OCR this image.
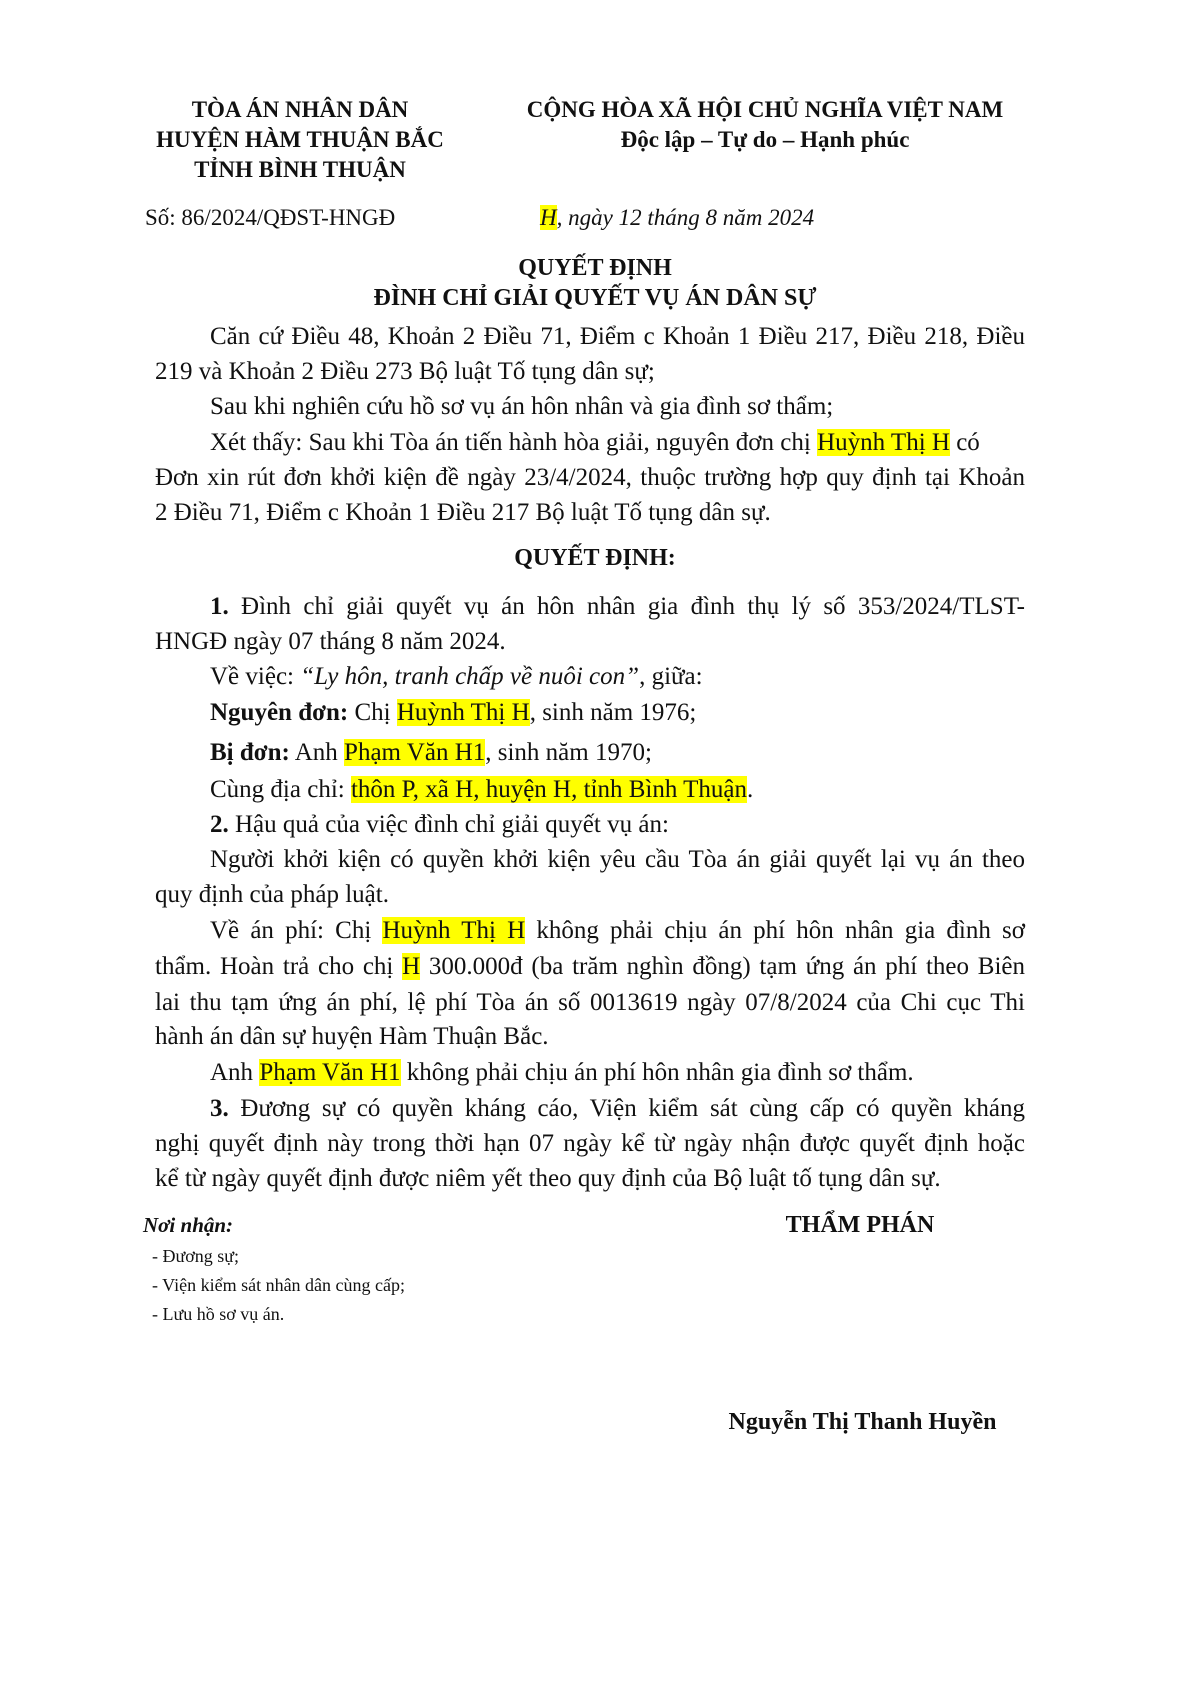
TÒA ÁN NHÂN DÂN
HUYỆN HÀM THUẬN BẮC
TỈNH BÌNH THUẬN
CỘNG HÒA XÃ HỘI CHỦ NGHĨA VIỆT NAM
Độc lập – Tự do – Hạnh phúc
Số: 86/2024/QĐST-HNGĐ	H, ngày 12 tháng 8 năm 2024
QUYẾT ĐỊNH
ĐÌNH CHỈ GIẢI QUYẾT VỤ ÁN DÂN SỰ
Căn cứ Điều 48, Khoản 2 Điều 71, Điểm c Khoản 1 Điều 217, Điều 218, Điều
219 và Khoản 2 Điều 273 Bộ luật Tố tụng dân sự;
Sau khi nghiên cứu hồ sơ vụ án hôn nhân và gia đình sơ thẩm;
Xét thấy: Sau khi Tòa án tiến hành hòa giải, nguyên đơn chị Huỳnh Thị H có
Đơn xin rút đơn khởi kiện đề ngày 23/4/2024, thuộc trường hợp quy định tại Khoản
2 Điều 71, Điểm c Khoản 1 Điều 217 Bộ luật Tố tụng dân sự.
QUYẾT ĐỊNH:
1. Đình chỉ giải quyết vụ án hôn nhân gia đình thụ lý số 353/2024/TLST-
HNGĐ ngày 07 tháng 8 năm 2024.
Về việc: “Ly hôn, tranh chấp về nuôi con”, giữa:
Nguyên đơn: Chị Huỳnh Thị H, sinh năm 1976;
Bị đơn: Anh Phạm Văn H1, sinh năm 1970;
Cùng địa chỉ: thôn P, xã H, huyện H, tỉnh Bình Thuận.
2. Hậu quả của việc đình chỉ giải quyết vụ án:
Người khởi kiện có quyền khởi kiện yêu cầu Tòa án giải quyết lại vụ án theo
quy định của pháp luật.
Về án phí: Chị Huỳnh Thị H không phải chịu án phí hôn nhân gia đình sơ
thẩm. Hoàn trả cho chị H 300.000đ (ba trăm nghìn đồng) tạm ứng án phí theo Biên
lai thu tạm ứng án phí, lệ phí Tòa án số 0013619 ngày 07/8/2024 của Chi cục Thi
hành án dân sự huyện Hàm Thuận Bắc.
Anh Phạm Văn H1 không phải chịu án phí hôn nhân gia đình sơ thẩm.
3. Đương sự có quyền kháng cáo, Viện kiểm sát cùng cấp có quyền kháng
nghị quyết định này trong thời hạn 07 ngày kể từ ngày nhận được quyết định hoặc
kể từ ngày quyết định được niêm yết theo quy định của Bộ luật tố tụng dân sự.
Nơi nhận:
- Đương sự;
- Viện kiểm sát nhân dân cùng cấp;
- Lưu hồ sơ vụ án.
THẨM PHÁN
Nguyễn Thị Thanh Huyền
